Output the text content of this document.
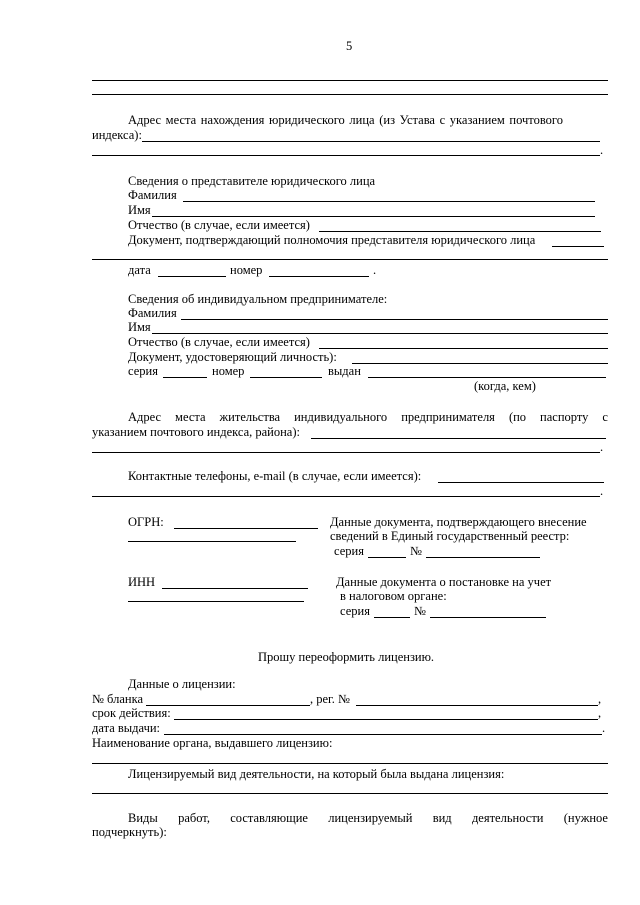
5
Адрес места нахождения юридического лица (из Устава с указанием почтового
индекса):
.
Сведения о представителе юридического лица
Фамилия
Имя
Отчество (в случае, если имеется)
Документ, подтверждающий полномочия представителя юридического лица
дата	номер	.
Сведения об индивидуальном предпринимателе:
Фамилия
Имя
Отчество (в случае, если имеется)
Документ, удостоверяющий личность):
серия	номер	выдан
(когда, кем)
Адрес места жительства индивидуального предпринимателя (по паспорту с
указанием почтового индекса, района):
.
Контактные телефоны, e-mail (в случае, если имеется):
.
ОГРН:	Данные документа, подтверждающего внесение
сведений в Единый государственный реестр:
серия	№
ИНН	Данные документа о постановке на учет
в налоговом органе:
серия	№
Прошу переоформить лицензию.
Данные о лицензии:
№ бланка	, рег. №	,
срок действия:	,
дата выдачи:	.
Наименование органа, выдавшего лицензию:
Лицензируемый вид деятельности, на который была выдана лицензия:
Виды работ, составляющие лицензируемый вид деятельности (нужное
подчеркнуть):
